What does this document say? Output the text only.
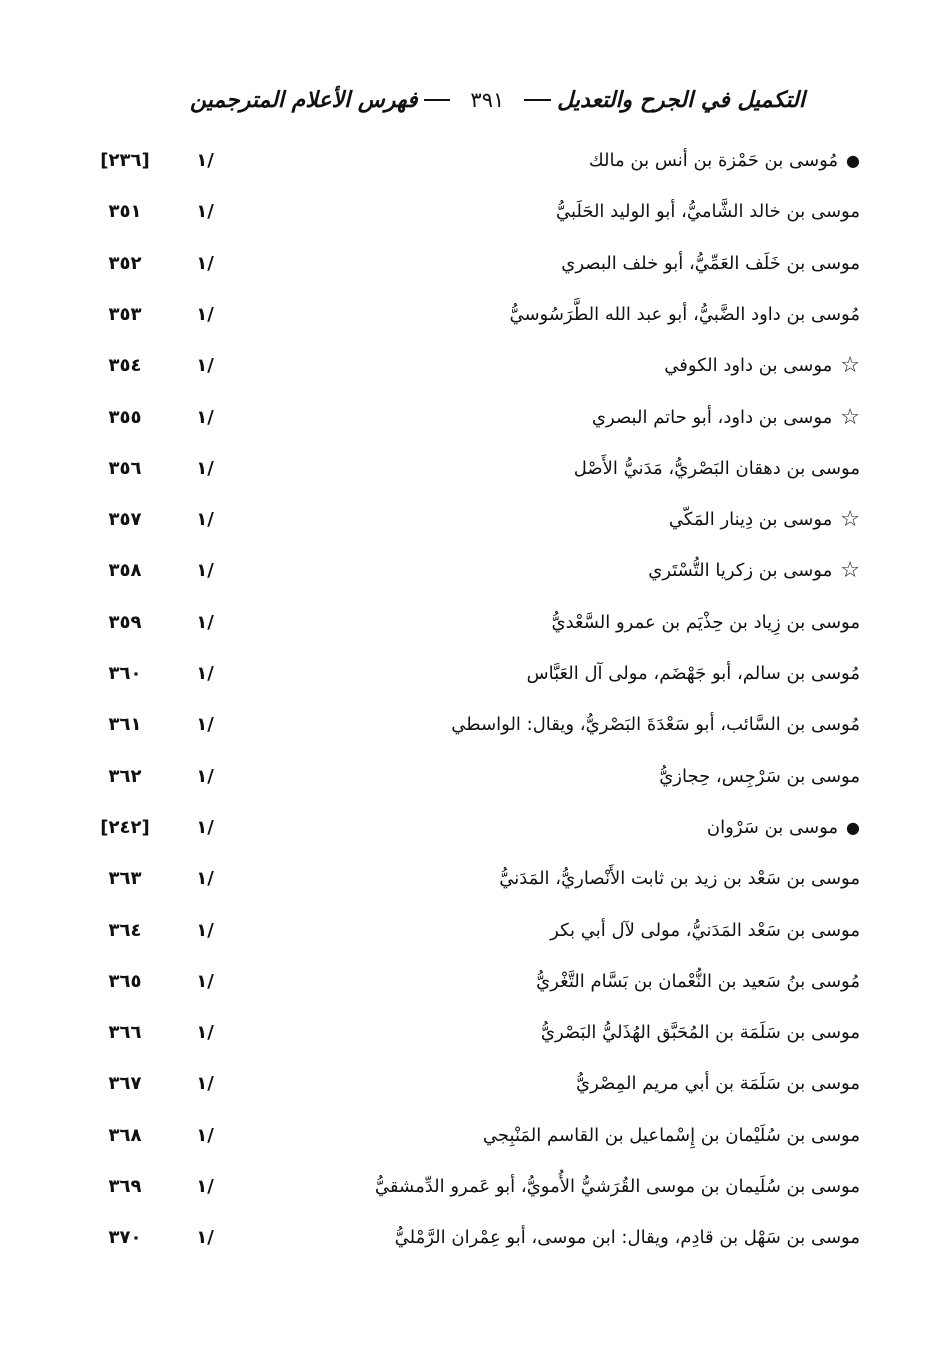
التكميل في الجرح والتعديل
٣٩١
فهرس الأعلام المترجمين
●مُوسى بن حَمْزة بن أنس بن مالك
١/
[٢٣٦]
موسى بن خالد الشَّاميُّ، أبو الوليد الحَلَبيُّ
١/
٣٥١
موسى بن خَلَف العَمِّيُّ، أبو خلف البصري
١/
٣٥٢
مُوسى بن داود الضَّبيُّ، أبو عبد الله الطَّرَسُوسيُّ
١/
٣٥٣
☆موسى بن داود الكوفي
١/
٣٥٤
☆موسى بن داود، أبو حاتم البصري
١/
٣٥٥
موسى بن دهقان البَصْريُّ، مَدَنيُّ الأَصْل
١/
٣٥٦
☆موسى بن دِينار المَكّي
١/
٣٥٧
☆موسى بن زكريا التُّسْتَري
١/
٣٥٨
موسى بن زِياد بن حِذْيَم بن عمرو السَّعْديُّ
١/
٣٥٩
مُوسى بن سالم، أبو جَهْضَم، مولى آل العَبَّاس
١/
٣٦٠
مُوسى بن السَّائب، أبو سَعْدَةَ البَصْريُّ، ويقال: الواسطي
١/
٣٦١
موسى بن سَرْجِس، حِجازيُّ
١/
٣٦٢
●موسى بن سَرْوان
١/
[٢٤٢]
موسى بن سَعْد بن زيد بن ثابت الأَنْصاريُّ، المَدَنيُّ
١/
٣٦٣
موسى بن سَعْد المَدَنيُّ، مولى لآل أبي بكر
١/
٣٦٤
مُوسى بنُ سَعيد بن النُّعْمان بن بَسَّام التَّغْريُّ
١/
٣٦٥
موسى بن سَلَمَة بن المُحَبَّق الهُذَليُّ البَصْريُّ
١/
٣٦٦
موسى بن سَلَمَة بن أبي مريم المِصْريُّ
١/
٣٦٧
موسى بن سُلَيْمان بن إِسْماعيل بن القاسم المَنْبِجي
١/
٣٦٨
موسى بن سُلَيمان بن موسى القُرَشيُّ الأُمويُّ، أبو عَمرو الدِّمشقيُّ
١/
٣٦٩
موسى بن سَهْل بن قادِم، ويقال: ابن موسى، أبو عِمْران الرَّمْليُّ
١/
٣٧٠
